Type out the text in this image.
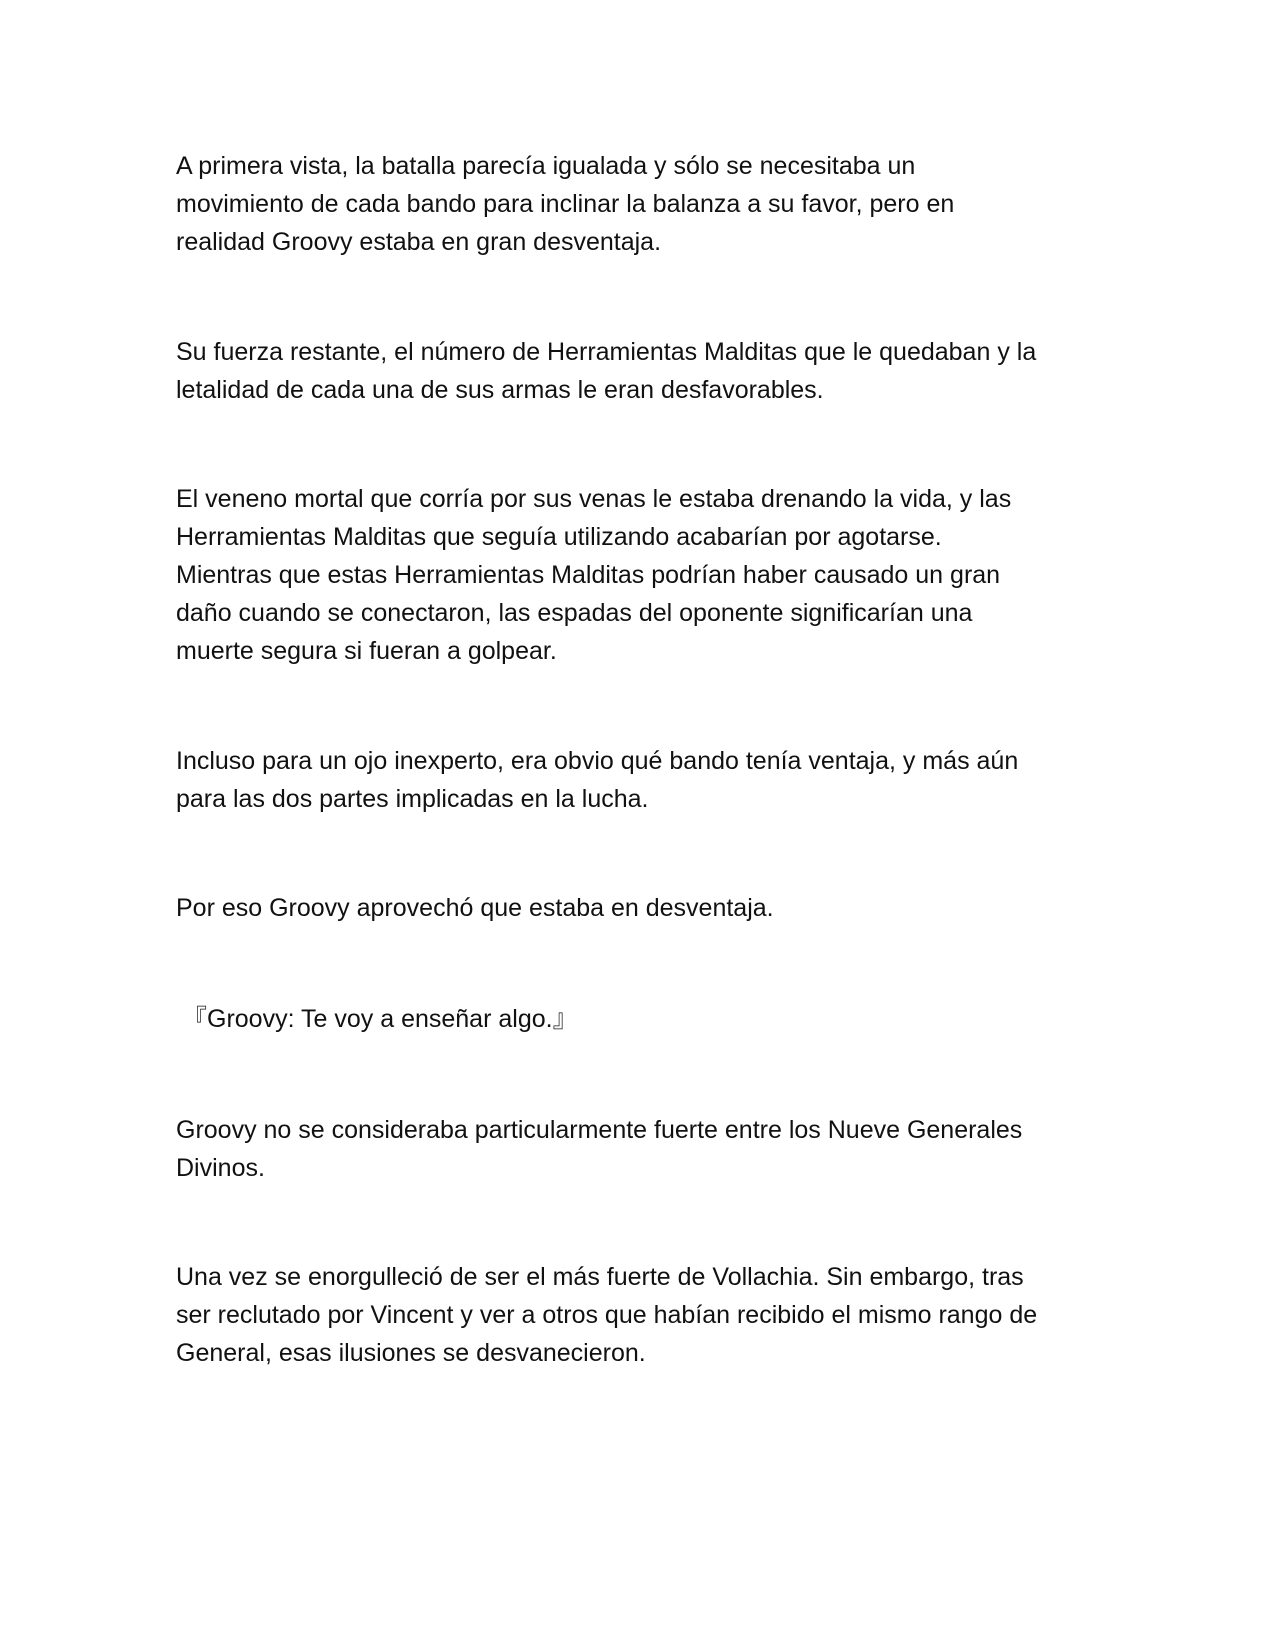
A primera vista, la batalla parecía igualada y sólo se necesitaba un
movimiento de cada bando para inclinar la balanza a su favor, pero en
realidad Groovy estaba en gran desventaja.

Su fuerza restante, el número de Herramientas Malditas que le quedaban y la
letalidad de cada una de sus armas le eran desfavorables.

El veneno mortal que corría por sus venas le estaba drenando la vida, y las
Herramientas Malditas que seguía utilizando acabarían por agotarse.
Mientras que estas Herramientas Malditas podrían haber causado un gran
daño cuando se conectaron, las espadas del oponente significarían una
muerte segura si fueran a golpear.

Incluso para un ojo inexperto, era obvio qué bando tenía ventaja, y más aún
para las dos partes implicadas en la lucha.

Por eso Groovy aprovechó que estaba en desventaja.

『Groovy: Te voy a enseñar algo.』

Groovy no se consideraba particularmente fuerte entre los Nueve Generales
Divinos.

Una vez se enorgulleció de ser el más fuerte de Vollachia. Sin embargo, tras
ser reclutado por Vincent y ver a otros que habían recibido el mismo rango de
General, esas ilusiones se desvanecieron.
